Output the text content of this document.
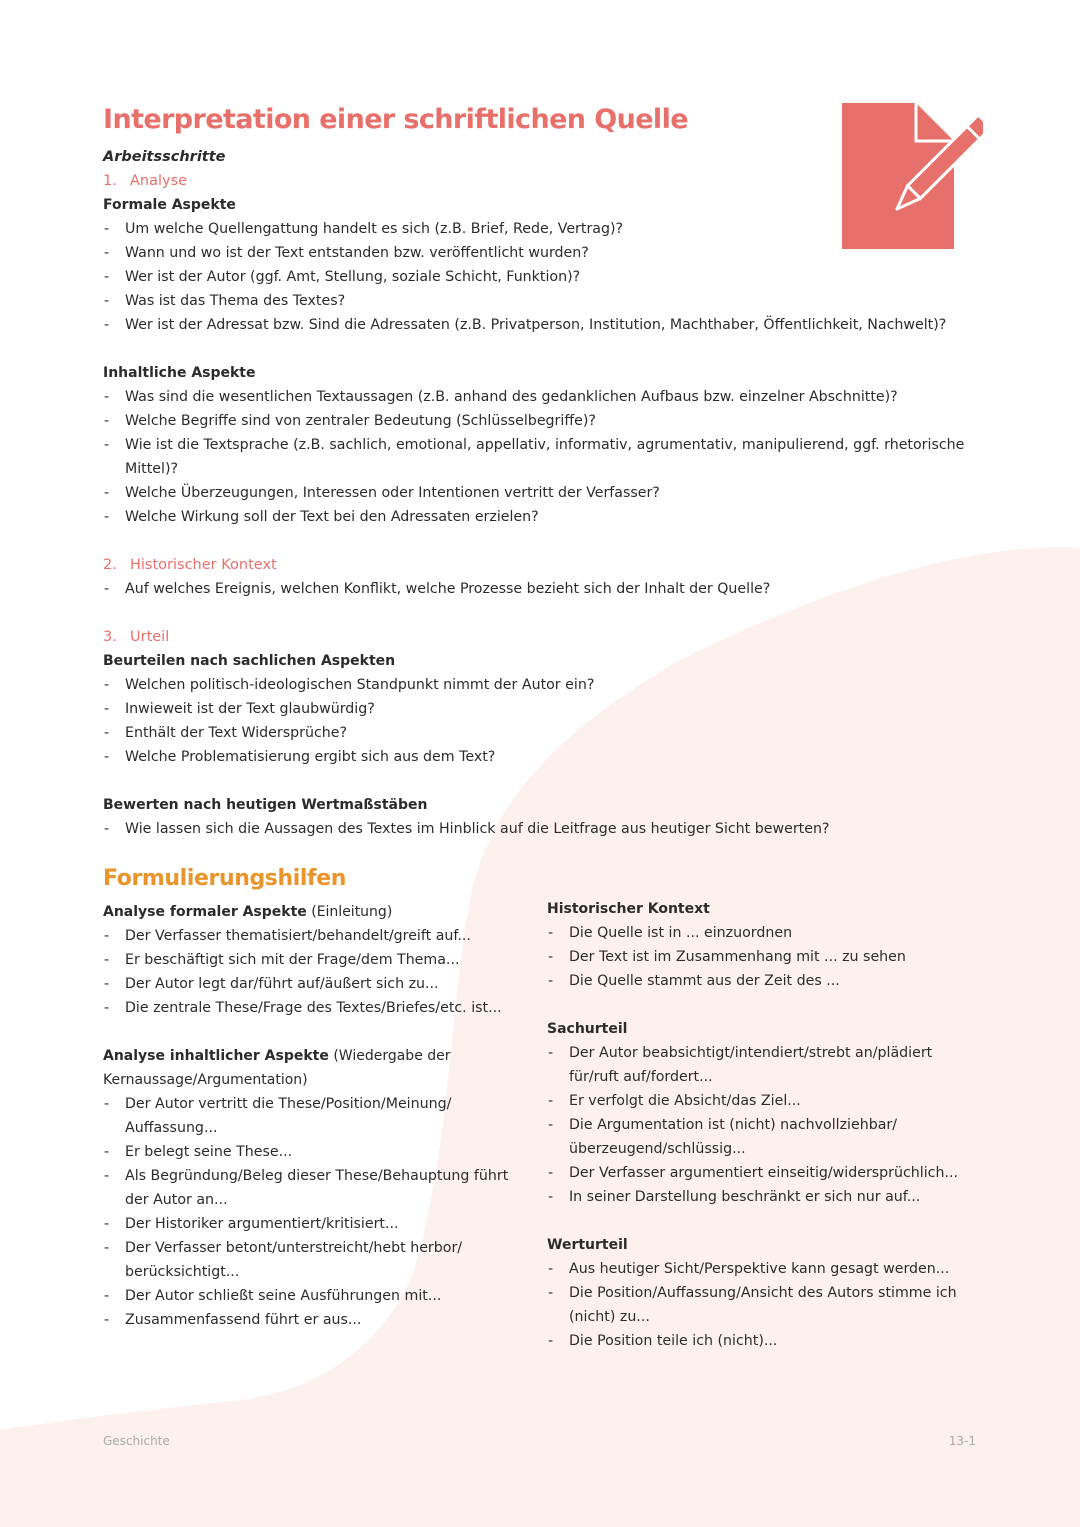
Interpretation einer schriftlichen Quelle
Arbeitsschritte
1. Analyse
Formale Aspekte
- Um welche Quellengattung handelt es sich (z.B. Brief, Rede, Vertrag)?
- Wann und wo ist der Text entstanden bzw. veröffentlicht wurden?
- Wer ist der Autor (ggf. Amt, Stellung, soziale Schicht, Funktion)?
- Was ist das Thema des Textes?
- Wer ist der Adressat bzw. Sind die Adressaten (z.B. Privatperson, Institution, Machthaber, Öffentlichkeit, Nachwelt)?
Inhaltliche Aspekte
- Was sind die wesentlichen Textaussagen (z.B. anhand des gedanklichen Aufbaus bzw. einzelner Abschnitte)?
- Welche Begriffe sind von zentraler Bedeutung (Schlüsselbegriffe)?
- Wie ist die Textsprache (z.B. sachlich, emotional, appellativ, informativ, agrumentativ, manipulierend, ggf. rhetorische Mittel)?
- Welche Überzeugungen, Interessen oder Intentionen vertritt der Verfasser?
- Welche Wirkung soll der Text bei den Adressaten erzielen?
2. Historischer Kontext
- Auf welches Ereignis, welchen Konflikt, welche Prozesse bezieht sich der Inhalt der Quelle?
3. Urteil
Beurteilen nach sachlichen Aspekten
- Welchen politisch-ideologischen Standpunkt nimmt der Autor ein?
- Inwieweit ist der Text glaubwürdig?
- Enthält der Text Widersprüche?
- Welche Problematisierung ergibt sich aus dem Text?
Bewerten nach heutigen Wertmaßstäben
- Wie lassen sich die Aussagen des Textes im Hinblick auf die Leitfrage aus heutiger Sicht bewerten?
Formulierungshilfen
Analyse formaler Aspekte (Einleitung)
- Der Verfasser thematisiert/behandelt/greift auf...
- Er beschäftigt sich mit der Frage/dem Thema...
- Der Autor legt dar/führt auf/äußert sich zu...
- Die zentrale These/Frage des Textes/Briefes/etc. ist...
Analyse inhaltlicher Aspekte (Wiedergabe der Kernaussage/Argumentation)
- Der Autor vertritt die These/Position/Meinung/ Auffassung...
- Er belegt seine These...
- Als Begründung/Beleg dieser These/Behauptung führt der Autor an...
- Der Historiker argumentiert/kritisiert...
- Der Verfasser betont/unterstreicht/hebt herbor/ berücksichtigt...
- Der Autor schließt seine Ausführungen mit...
- Zusammenfassend führt er aus...
Historischer Kontext
- Die Quelle ist in ... einzuordnen
- Der Text ist im Zusammenhang mit ... zu sehen
- Die Quelle stammt aus der Zeit des ...
Sachurteil
- Der Autor beabsichtigt/intendiert/strebt an/plädiert für/ruft auf/fordert...
- Er verfolgt die Absicht/das Ziel...
- Die Argumentation ist (nicht) nachvollziehbar/ überzeugend/schlüssig...
- Der Verfasser argumentiert einseitig/widersprüchlich...
- In seiner Darstellung beschränkt er sich nur auf...
Werturteil
- Aus heutiger Sicht/Perspektive kann gesagt werden...
- Die Position/Auffassung/Ansicht des Autors stimme ich (nicht) zu...
- Die Position teile ich (nicht)...
Geschichte	13-1
